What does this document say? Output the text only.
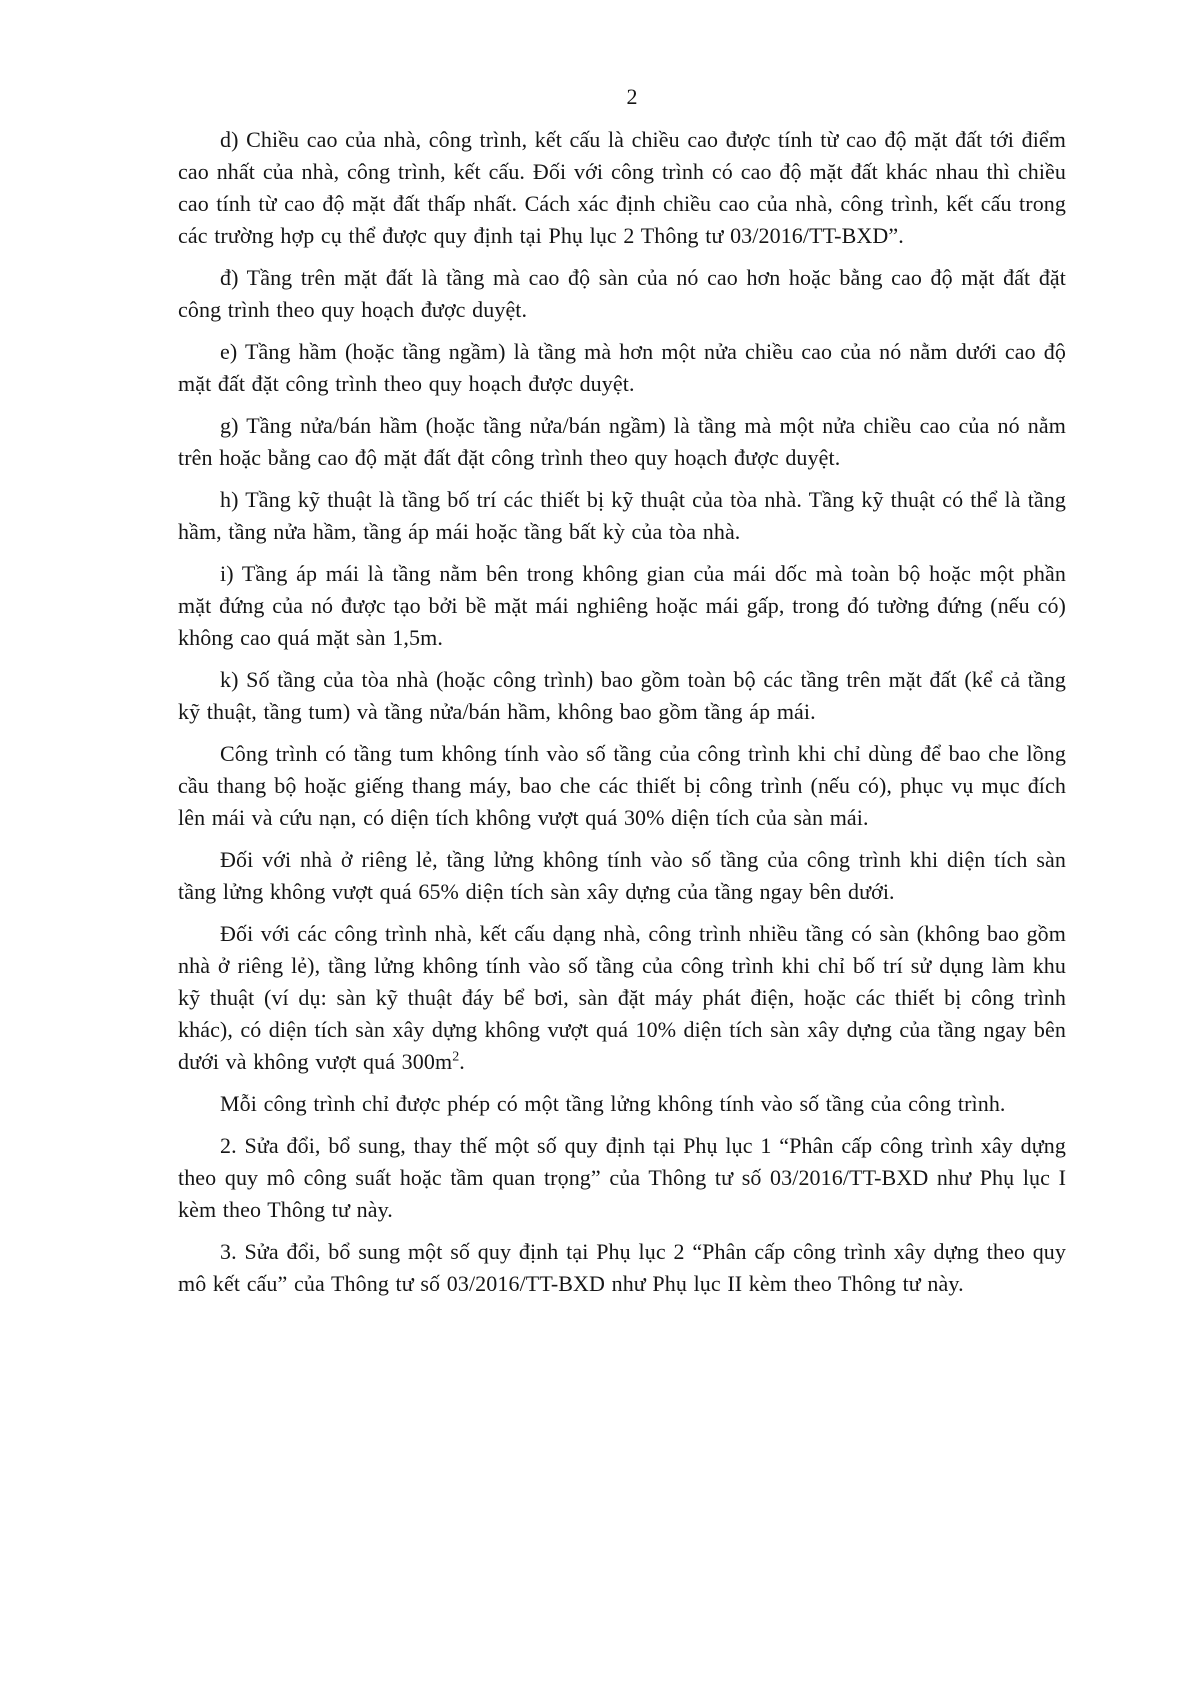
2

d) Chiều cao của nhà, công trình, kết cấu là chiều cao được tính từ cao độ mặt đất tới điểm cao nhất của nhà, công trình, kết cấu. Đối với công trình có cao độ mặt đất khác nhau thì chiều cao tính từ cao độ mặt đất thấp nhất. Cách xác định chiều cao của nhà, công trình, kết cấu trong các trường hợp cụ thể được quy định tại Phụ lục 2 Thông tư 03/2016/TT-BXD”.

đ) Tầng trên mặt đất là tầng mà cao độ sàn của nó cao hơn hoặc bằng cao độ mặt đất đặt công trình theo quy hoạch được duyệt.

e) Tầng hầm (hoặc tầng ngầm) là tầng mà hơn một nửa chiều cao của nó nằm dưới cao độ mặt đất đặt công trình theo quy hoạch được duyệt.

g) Tầng nửa/bán hầm (hoặc tầng nửa/bán ngầm) là tầng mà một nửa chiều cao của nó nằm trên hoặc bằng cao độ mặt đất đặt công trình theo quy hoạch được duyệt.

h) Tầng kỹ thuật là tầng bố trí các thiết bị kỹ thuật của tòa nhà. Tầng kỹ thuật có thể là tầng hầm, tầng nửa hầm, tầng áp mái hoặc tầng bất kỳ của tòa nhà.

i) Tầng áp mái là tầng nằm bên trong không gian của mái dốc mà toàn bộ hoặc một phần mặt đứng của nó được tạo bởi bề mặt mái nghiêng hoặc mái gấp, trong đó tường đứng (nếu có) không cao quá mặt sàn 1,5m.

k) Số tầng của tòa nhà (hoặc công trình) bao gồm toàn bộ các tầng trên mặt đất (kể cả tầng kỹ thuật, tầng tum) và tầng nửa/bán hầm, không bao gồm tầng áp mái.

Công trình có tầng tum không tính vào số tầng của công trình khi chỉ dùng để bao che lồng cầu thang bộ hoặc giếng thang máy, bao che các thiết bị công trình (nếu có), phục vụ mục đích lên mái và cứu nạn, có diện tích không vượt quá 30% diện tích của sàn mái.

Đối với nhà ở riêng lẻ, tầng lửng không tính vào số tầng của công trình khi diện tích sàn tầng lửng không vượt quá 65% diện tích sàn xây dựng của tầng ngay bên dưới.

Đối với các công trình nhà, kết cấu dạng nhà, công trình nhiều tầng có sàn (không bao gồm nhà ở riêng lẻ), tầng lửng không tính vào số tầng của công trình khi chỉ bố trí sử dụng làm khu kỹ thuật (ví dụ: sàn kỹ thuật đáy bể bơi, sàn đặt máy phát điện, hoặc các thiết bị công trình khác), có diện tích sàn xây dựng không vượt quá 10% diện tích sàn xây dựng của tầng ngay bên dưới và không vượt quá $300m^2$.

Mỗi công trình chỉ được phép có một tầng lửng không tính vào số tầng của công trình.

2. Sửa đổi, bổ sung, thay thế một số quy định tại Phụ lục 1 “Phân cấp công trình xây dựng theo quy mô công suất hoặc tầm quan trọng” của Thông tư số 03/2016/TT-BXD như Phụ lục I kèm theo Thông tư này.

3. Sửa đổi, bổ sung một số quy định tại Phụ lục 2 “Phân cấp công trình xây dựng theo quy mô kết cấu” của Thông tư số 03/2016/TT-BXD như Phụ lục II kèm theo Thông tư này.
